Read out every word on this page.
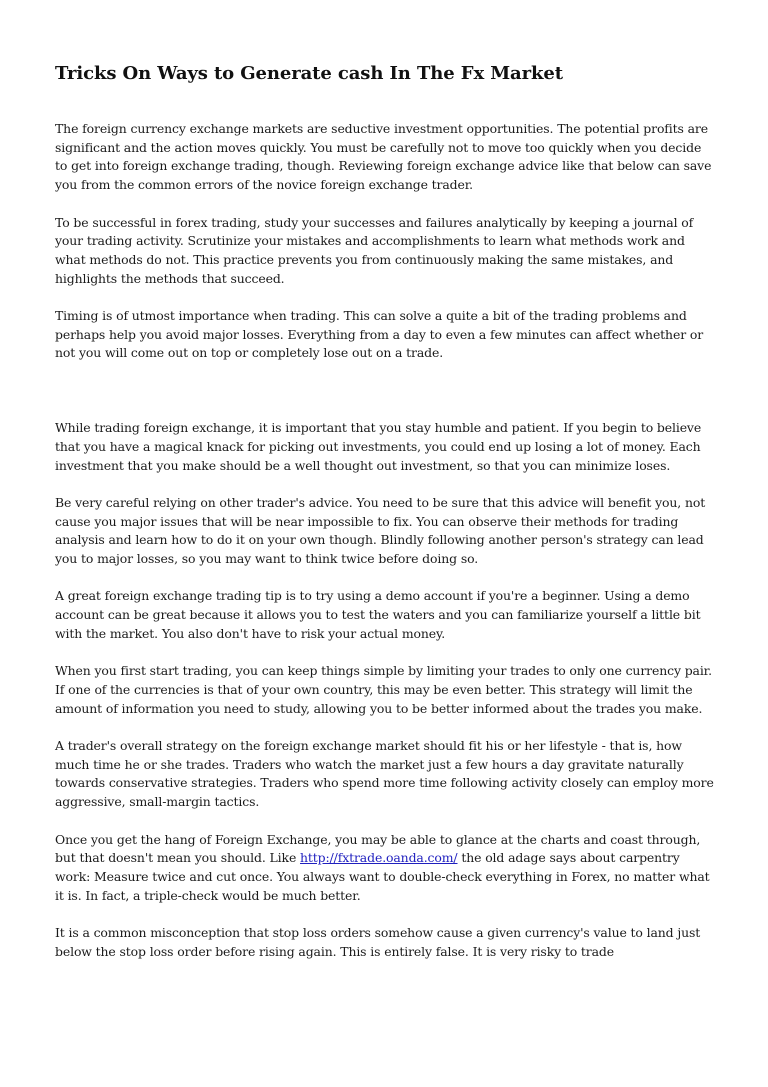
Tricks On Ways to Generate cash In The Fx Market

The foreign currency exchange markets are seductive investment opportunities. The potential profits are significant and the action moves quickly. You must be carefully not to move too quickly when you decide to get into foreign exchange trading, though. Reviewing foreign exchange advice like that below can save you from the common errors of the novice foreign exchange trader.

To be successful in forex trading, study your successes and failures analytically by keeping a journal of your trading activity. Scrutinize your mistakes and accomplishments to learn what methods work and what methods do not. This practice prevents you from continuously making the same mistakes, and highlights the methods that succeed.

Timing is of utmost importance when trading. This can solve a quite a bit of the trading problems and perhaps help you avoid major losses. Everything from a day to even a few minutes can affect whether or not you will come out on top or completely lose out on a trade.

While trading foreign exchange, it is important that you stay humble and patient. If you begin to believe that you have a magical knack for picking out investments, you could end up losing a lot of money. Each investment that you make should be a well thought out investment, so that you can minimize loses.

Be very careful relying on other trader's advice. You need to be sure that this advice will benefit you, not cause you major issues that will be near impossible to fix. You can observe their methods for trading analysis and learn how to do it on your own though. Blindly following another person's strategy can lead you to major losses, so you may want to think twice before doing so.

A great foreign exchange trading tip is to try using a demo account if you're a beginner. Using a demo account can be great because it allows you to test the waters and you can familiarize yourself a little bit with the market. You also don't have to risk your actual money.

When you first start trading, you can keep things simple by limiting your trades to only one currency pair. If one of the currencies is that of your own country, this may be even better. This strategy will limit the amount of information you need to study, allowing you to be better informed about the trades you make.

A trader's overall strategy on the foreign exchange market should fit his or her lifestyle - that is, how much time he or she trades. Traders who watch the market just a few hours a day gravitate naturally towards conservative strategies. Traders who spend more time following activity closely can employ more aggressive, small-margin tactics.

Once you get the hang of Foreign Exchange, you may be able to glance at the charts and coast through, but that doesn't mean you should. Like http://fxtrade.oanda.com/ the old adage says about carpentry work: Measure twice and cut once. You always want to double-check everything in Forex, no matter what it is. In fact, a triple-check would be much better.

It is a common misconception that stop loss orders somehow cause a given currency's value to land just below the stop loss order before rising again. This is entirely false. It is very risky to trade
